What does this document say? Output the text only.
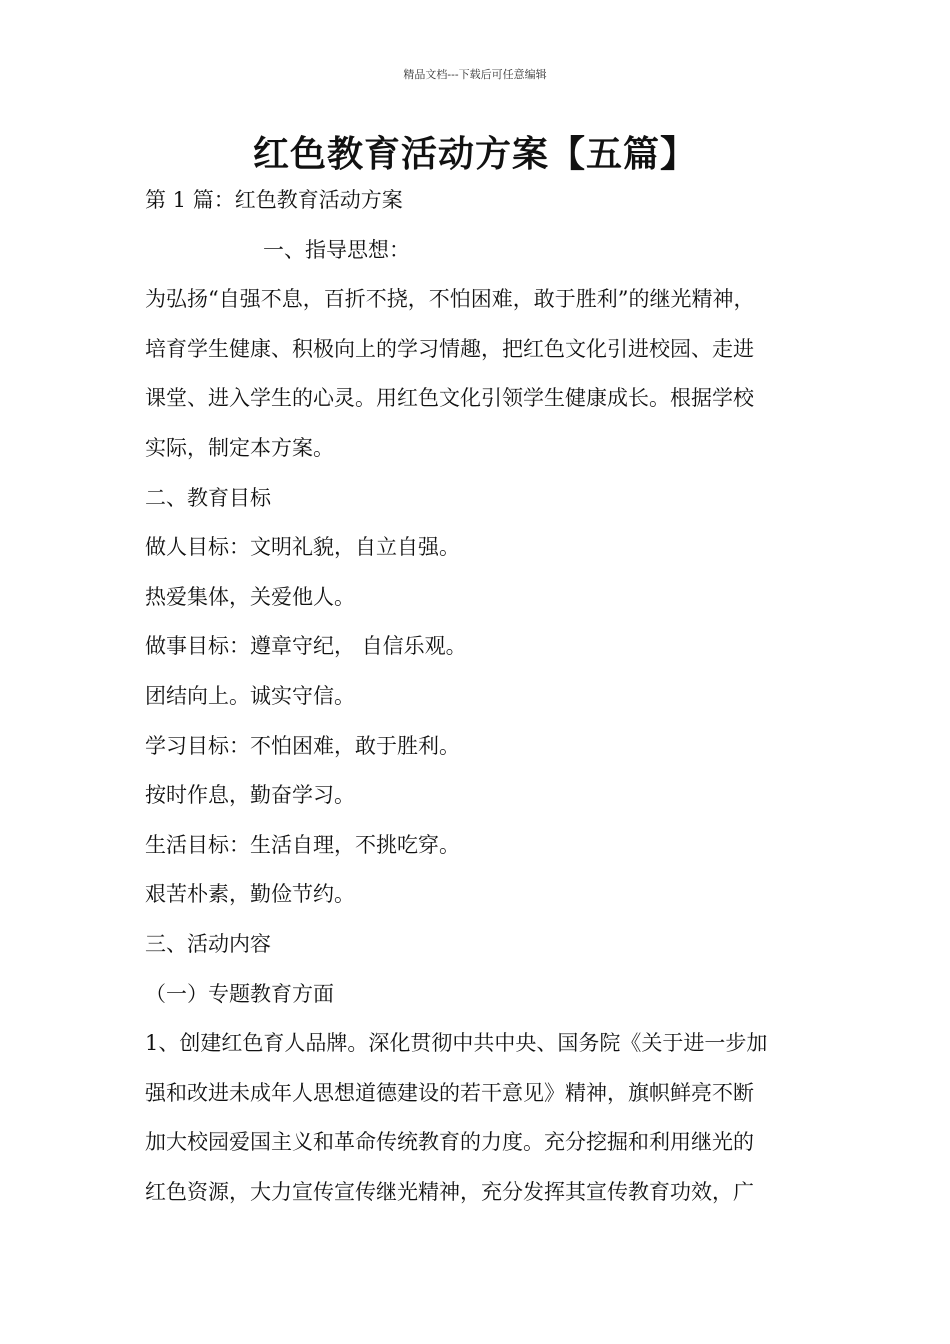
精品文档---下载后可任意编辑
红色教育活动方案【五篇】
第 1 篇：红色教育活动方案
一、指导思想：
为弘扬“自强不息，百折不挠，不怕困难，敢于胜利”的继光精神，
培育学生健康、积极向上的学习情趣，把红色文化引进校园、走进
课堂、进入学生的心灵。用红色文化引领学生健康成长。根据学校
实际，制定本方案。
二、教育目标
做人目标：文明礼貌，自立自强。
热爱集体，关爱他人。
做事目标：遵章守纪， 自信乐观。
团结向上。诚实守信。
学习目标：不怕困难，敢于胜利。
按时作息，勤奋学习。
生活目标：生活自理，不挑吃穿。
艰苦朴素，勤俭节约。
三、活动内容
（一）专题教育方面
1、创建红色育人品牌。深化贯彻中共中央、国务院《关于进一步加
强和改进未成年人思想道德建设的若干意见》精神，旗帜鲜亮不断
加大校园爱国主义和革命传统教育的力度。充分挖掘和利用继光的
红色资源，大力宣传宣传继光精神，充分发挥其宣传教育功效，广
